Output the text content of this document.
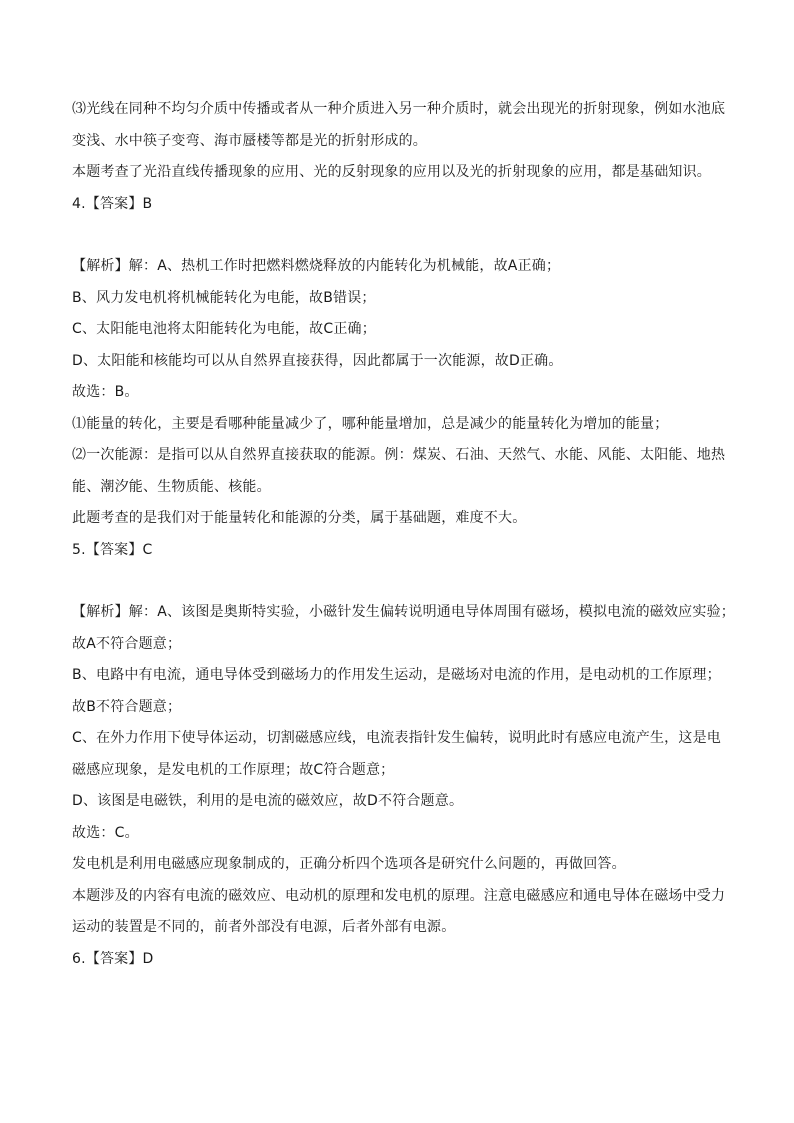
⑶光线在同种不均匀介质中传播或者从一种介质进入另一种介质时，就会出现光的折射现象，例如水池底
变浅、水中筷子变弯、海市蜃楼等都是光的折射形成的。
本题考查了光沿直线传播现象的应用、光的反射现象的应用以及光的折射现象的应用，都是基础知识。
4.【答案】B
【解析】解：A、热机工作时把燃料燃烧释放的内能转化为机械能，故A正确；
B、风力发电机将机械能转化为电能，故B错误；
C、太阳能电池将太阳能转化为电能，故C正确；
D、太阳能和核能均可以从自然界直接获得，因此都属于一次能源，故D正确。
故选：B。
⑴能量的转化，主要是看哪种能量减少了，哪种能量增加，总是减少的能量转化为增加的能量；
⑵一次能源：是指可以从自然界直接获取的能源。例：煤炭、石油、天然气、水能、风能、太阳能、地热
能、潮汐能、生物质能、核能。
此题考查的是我们对于能量转化和能源的分类，属于基础题，难度不大。
5.【答案】C
【解析】解：A、该图是奥斯特实验，小磁针发生偏转说明通电导体周围有磁场，模拟电流的磁效应实验；
故A不符合题意；
B、电路中有电流，通电导体受到磁场力的作用发生运动，是磁场对电流的作用，是电动机的工作原理；
故B不符合题意；
C、在外力作用下使导体运动，切割磁感应线，电流表指针发生偏转，说明此时有感应电流产生，这是电
磁感应现象，是发电机的工作原理；故C符合题意；
D、该图是电磁铁，利用的是电流的磁效应，故D不符合题意。
故选：C。
发电机是利用电磁感应现象制成的，正确分析四个选项各是研究什么问题的，再做回答。
本题涉及的内容有电流的磁效应、电动机的原理和发电机的原理。注意电磁感应和通电导体在磁场中受力
运动的装置是不同的，前者外部没有电源，后者外部有电源。
6.【答案】D
